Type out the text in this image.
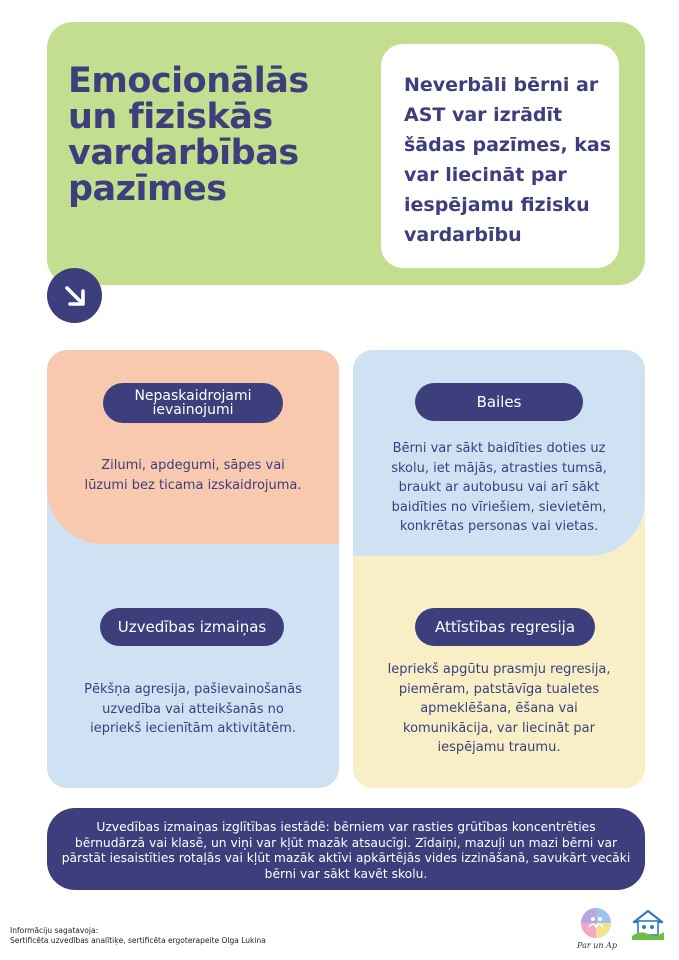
Emocionālās
un fiziskās
vardarbības
pazīmes

Neverbāli bērni ar
AST var izrādīt
šādas pazīmes, kas
var liecināt par
iespējamu fizisku
vardarbību

Nepaskaidrojami
ievainojumi

Zilumi, apdegumi, sāpes vai
lūzumi bez ticama izskaidrojuma.

Bailes

Bērni var sākt baidīties doties uz
skolu, iet mājās, atrasties tumsā,
braukt ar autobusu vai arī sākt
baidīties no vīriešiem, sievietēm,
konkrētas personas vai vietas.

Uzvedības izmaiņas

Pēkšņa agresija, pašievainošanās
uzvedība vai atteikšanās no
iepriekš iecienītām aktivitātēm.

Attīstības regresija

Iepriekš apgūtu prasmju regresija,
piemēram, patstāvīga tualetes
apmeklēšana, ēšana vai
komunikācija, var liecināt par
iespējamu traumu.

Uzvedības izmaiņas izglītības iestādē: bērniem var rasties grūtības koncentrēties bērnudārzā vai klasē, un viņi var kļūt mazāk atsaucīgi. Zīdaiņi, mazuļi un mazi bērni var pārstāt iesaistīties rotaļās vai kļūt mazāk aktīvi apkārtējās vides izzināšanā, savukārt vecāki bērni var sākt kavēt skolu.

Informāciju sagatavoja:
Sertificēta uzvedības analītiķe, sertificēta ergoterapeite Olga Lukina

Par un Ap
